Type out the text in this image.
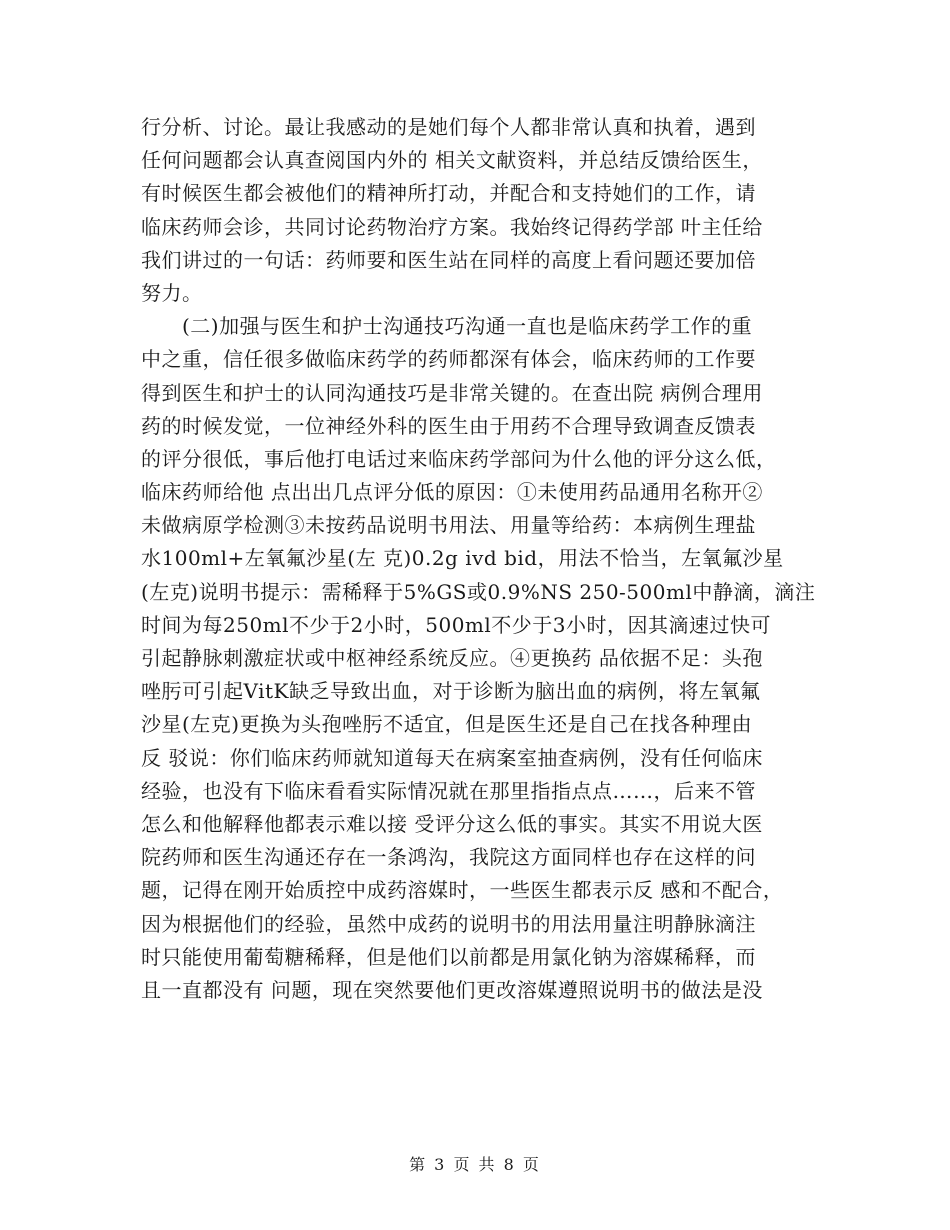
行分析、讨论。最让我感动的是她们每个人都非常认真和执着，遇到
任何问题都会认真查阅国内外的 相关文献资料，并总结反馈给医生，
有时候医生都会被他们的精神所打动，并配合和支持她们的工作，请
临床药师会诊，共同讨论药物治疗方案。我始终记得药学部 叶主任给
我们讲过的一句话：药师要和医生站在同样的高度上看问题还要加倍
努力。
　　(二)加强与医生和护士沟通技巧沟通一直也是临床药学工作的重
中之重，信任很多做临床药学的药师都深有体会，临床药师的工作要
得到医生和护士的认同沟通技巧是非常关键的。在查出院 病例合理用
药的时候发觉，一位神经外科的医生由于用药不合理导致调查反馈表
的评分很低，事后他打电话过来临床药学部问为什么他的评分这么低，
临床药师给他 点出出几点评分低的原因：①未使用药品通用名称开②
未做病原学检测③未按药品说明书用法、用量等给药：本病例生理盐
水100ml+左氧氟沙星(左 克)0.2g ivd bid，用法不恰当，左氧氟沙星
(左克)说明书提示：需稀释于5%GS或0.9%NS 250-500ml中静滴，滴注
时间为每250ml不少于2小时，500ml不少于3小时，因其滴速过快可
引起静脉刺激症状或中枢神经系统反应。④更换药 品依据不足：头孢
唑肟可引起VitK缺乏导致出血，对于诊断为脑出血的病例，将左氧氟
沙星(左克)更换为头孢唑肟不适宜，但是医生还是自己在找各种理由
反 驳说：你们临床药师就知道每天在病案室抽查病例，没有任何临床
经验，也没有下临床看看实际情况就在那里指指点点……，后来不管
怎么和他解释他都表示难以接 受评分这么低的事实。其实不用说大医
院药师和医生沟通还存在一条鸿沟，我院这方面同样也存在这样的问
题，记得在刚开始质控中成药溶媒时，一些医生都表示反 感和不配合，
因为根据他们的经验，虽然中成药的说明书的用法用量注明静脉滴注
时只能使用葡萄糖稀释，但是他们以前都是用氯化钠为溶媒稀释，而
且一直都没有 问题，现在突然要他们更改溶媒遵照说明书的做法是没
第 3 页 共 8 页
